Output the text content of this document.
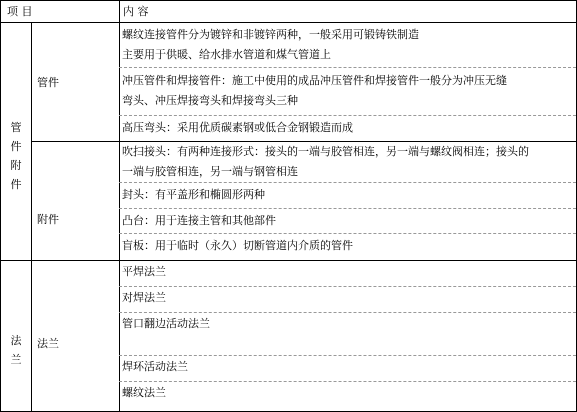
项 目	内 容
管
件
附
件
管件
附件
螺纹连接管件分为镀锌和非镀锌两种，一般采用可锻铸铁制造
主要用于供暖、给水排水管道和煤气管道上
冲压管件和焊接管件：施工中使用的成品冲压管件和焊接管件一般分为冲压无缝
弯头、冲压焊接弯头和焊接弯头三种
高压弯头：采用优质碳素钢或低合金钢锻造而成
吹扫接头：有两种连接形式：接头的一端与胶管相连，另一端与螺纹阀相连；接头的
一端与胶管相连，另一端与钢管相连
封头：有平盖形和椭圆形两种
凸台：用于连接主管和其他部件
盲板：用于临时（永久）切断管道内介质的管件
法
兰
法兰
平焊法兰
对焊法兰
管口翻边活动法兰
焊环活动法兰
螺纹法兰
